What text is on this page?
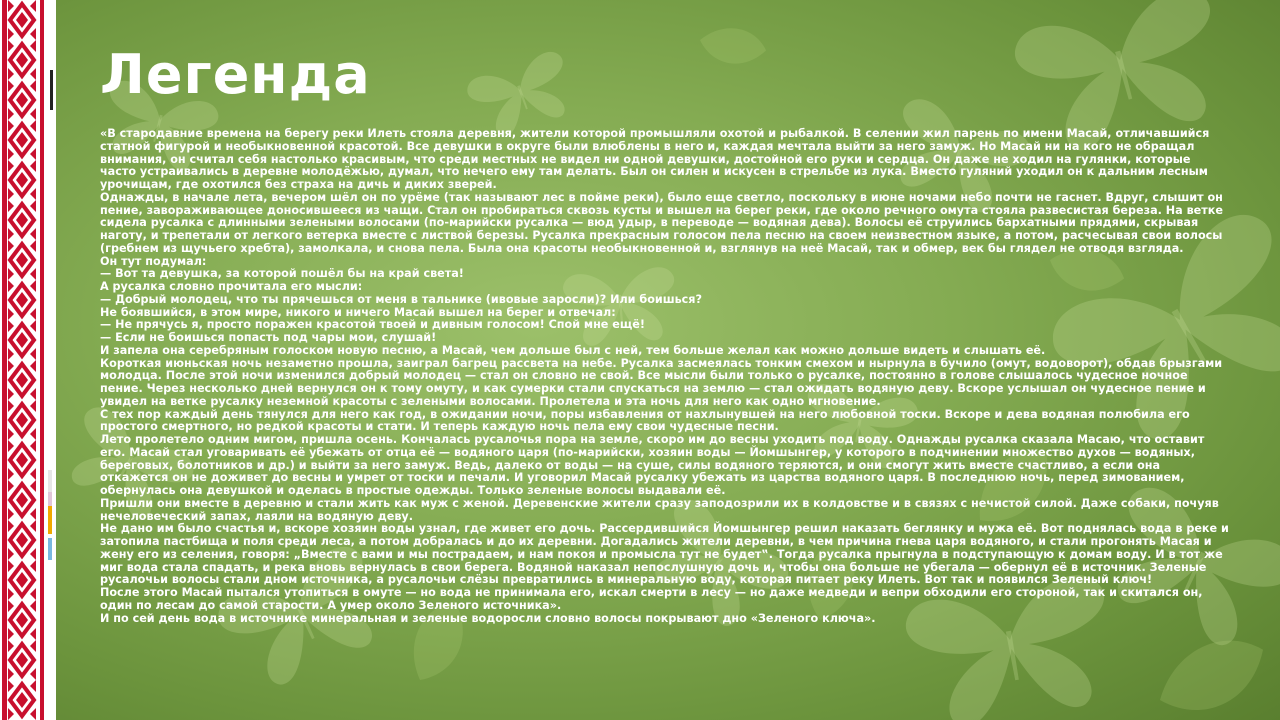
Легенда

«В стародавние времена на берегу реки Илеть стояла деревня, жители которой промышляли охотой и рыбалкой. В селении жил парень по имени Масай, отличавшийся статной фигурой и необыкновенной красотой. Все девушки в округе были влюблены в него и, каждая мечтала выйти за него замуж. Но Масай ни на кого не обращал внимания, он считал себя настолько красивым, что среди местных не видел ни одной девушки, достойной его руки и сердца. Он даже не ходил на гулянки, которые часто устраивались в деревне молодёжью, думал, что нечего ему там делать. Был он силен и искусен в стрельбе из лука. Вместо гуляний уходил он к дальним лесным урочищам, где охотился без страха на дичь и диких зверей.

Однажды, в начале лета, вечером шёл он по урёме (так называют лес в пойме реки), было еще светло, поскольку в июне ночами небо почти не гаснет. Вдруг, слышит он пение, завораживающее доносившееся из чащи. Стал он пробираться сквозь кусты и вышел на берег реки, где около речного омута стояла развесистая береза. На ветке сидела русалка с длинными зелеными волосами (по-марийски русалка — вюд удыр, в переводе — водяная дева). Волосы её струились бархатными прядями, скрывая наготу, и трепетали от легкого ветерка вместе с листвой березы. Русалка прекрасным голосом пела песню на своем неизвестном языке, а потом, расчесывая свои волосы (гребнем из щучьего хребта), замолкала, и снова пела. Была она красоты необыкновенной и, взглянув на неё Масай, так и обмер, век бы глядел не отводя взгляда.

Он тут подумал:

— Вот та девушка, за которой пошёл бы на край света!

А русалка словно прочитала его мысли:

— Добрый молодец, что ты прячешься от меня в тальнике (ивовые заросли)? Или боишься?

Не боявшийся, в этом мире, никого и ничего Масай вышел на берег и отвечал:

— Не прячусь я, просто поражен красотой твоей и дивным голосом! Спой мне ещё!

— Если не боишься попасть под чары мои, слушай!

И запела она серебряным голоском новую песню, а Масай, чем дольше был с ней, тем больше желал как можно дольше видеть и слышать её.

Короткая июньская ночь незаметно прошла, заиграл багрец рассвета на небе. Русалка засмеялась тонким смехом и нырнула в бучило (омут, водоворот), обдав брызгами молодца. После этой ночи изменился добрый молодец — стал он словно не свой. Все мысли были только о русалке, постоянно в голове слышалось чудесное ночное пение. Через несколько дней вернулся он к тому омуту, и как сумерки стали спускаться на землю — стал ожидать водяную деву. Вскоре услышал он чудесное пение и увидел на ветке русалку неземной красоты с зелеными волосами. Пролетела и эта ночь для него как одно мгновение.

С тех пор каждый день тянулся для него как год, в ожидании ночи, поры избавления от нахлынувшей на него любовной тоски. Вскоре и дева водяная полюбила его простого смертного, но редкой красоты и стати. И теперь каждую ночь пела ему свои чудесные песни.

Лето пролетело одним мигом, пришла осень. Кончалась русалочья пора на земле, скоро им до весны уходить под воду. Однажды русалка сказала Масаю, что оставит его. Масай стал уговаривать её убежать от отца её — водяного царя (по-марийски, хозяин воды — Йомшынгер, у которого в подчинении множество духов — водяных, береговых, болотников и др.) и выйти за него замуж. Ведь, далеко от воды — на суше, силы водяного теряются, и они смогут жить вместе счастливо, а если она откажется он не доживет до весны и умрет от тоски и печали. И уговорил Масай русалку убежать из царства водяного царя. В последнюю ночь, перед зимованием, обернулась она девушкой и оделась в простые одежды. Только зеленые волосы выдавали её.

Пришли они вместе в деревню и стали жить как муж с женой. Деревенские жители сразу заподозрили их в колдовстве и в связях с нечистой силой. Даже собаки, почуяв нечеловеческий запах, лаяли на водяную деву.

Не дано им было счастья и, вскоре хозяин воды узнал, где живет его дочь. Рассердившийся Йомшынгер решил наказать беглянку и мужа её. Вот поднялась вода в реке и затопила пастбища и поля среди леса, а потом добралась и до их деревни. Догадались жители деревни, в чем причина гнева царя водяного, и стали прогонять Масая и жену его из селения, говоря: „Вместе с вами и мы пострадаем, и нам покоя и промысла тут не будет‟. Тогда русалка прыгнула в подступающую к домам воду. И в тот же миг вода стала спадать, и река вновь вернулась в свои берега. Водяной наказал непослушную дочь и, чтобы она больше не убегала — обернул её в источник. Зеленые русалочьи волосы стали дном источника, а русалочьи слёзы превратились в минеральную воду, которая питает реку Илеть. Вот так и появился Зеленый ключ!

После этого Масай пытался утопиться в омуте — но вода не принимала его, искал смерти в лесу — но даже медведи и вепри обходили его стороной, так и скитался он, один по лесам до самой старости. А умер около Зеленого источника».

И по сей день вода в источнике минеральная и зеленые водоросли словно волосы покрывают дно «Зеленого ключа».
